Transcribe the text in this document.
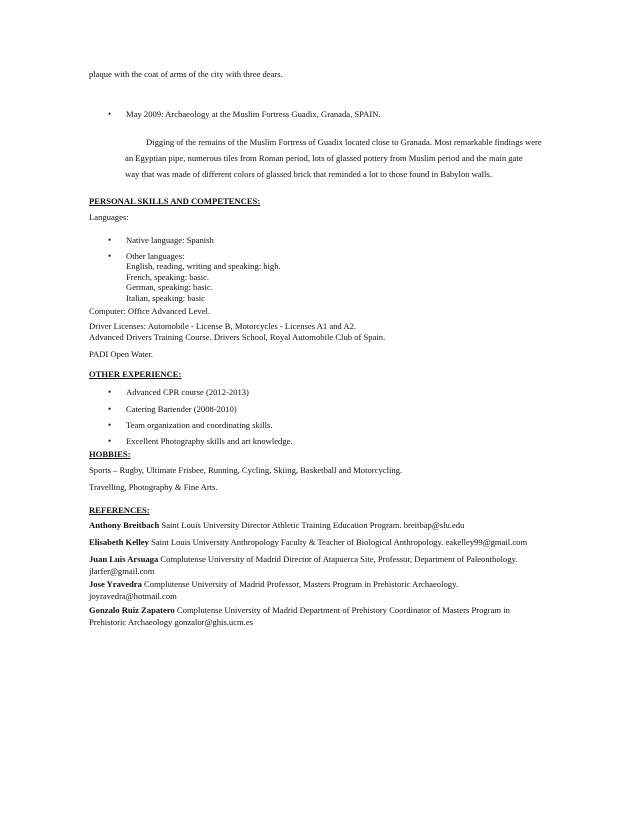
plaque with the coat of arms of the city with three dears.

•	May 2009: Archaeology at the Muslim Fortress Guadix, Granada, SPAIN.
Digging of the remains of the Muslim Fortress of Guadix located close to Granada. Most remarkable findings were
an Egyptian pipe, numerous tiles from Roman period, lots of glassed pottery from Muslim period and the main gate
way that was made of different colors of glassed brick that reminded a lot to those found in Babylon walls.

PERSONAL SKILLS AND COMPETENCES:

Languages:

•	Native language: Spanish
•	Other languages:
English, reading, writing and speaking: high.
French, speaking: basic.
German, speaking: basic.
Italian, speaking: basic

Computer: Office Advanced Level.

Driver Licenses: Automobile - License B, Motorcycles - Licenses A1 and A2.

Advanced Drivers Training Course. Drivers School, Royal Automobile Club of Spain.

PADI Open Water.

OTHER EXPERIENCE:

•	Advanced CPR course (2012-2013)
•	Catering Bartender (2008-2010)
•	Team organization and coordinating skills.
•	Excellent Photography skills and art knowledge.

HOBBIES:

Sports – Rugby, Ultimate Frisbee, Running, Cycling, Skiing, Basketball and Motorcycling.

Travelling, Photography & Fine Arts.

REFERENCES:

Anthony Breitbach Saint Louis University Director Athletic Training Education Program. breitbap@slu.edu
Elisabeth Kelley Saint Louis University Anthropology Faculty & Teacher of Biological Anthropology. eakelley99@gmail.com
Juan Luis Arsuaga Complutense University of Madrid Director of Atapuerca Site, Professor, Department of Paleonthology.
jlarfer@gmail.com
Jose Yravedra Complutense University of Madrid Professor, Masters Program in Prehistoric Archaeology.
joyravedra@hotmail.com
Gonzalo Ruiz Zapatero Complutense University of Madrid Department of Prehistory Coordinator of Masters Program in
Prehistoric Archaeology gonzalor@ghis.ucm.es
